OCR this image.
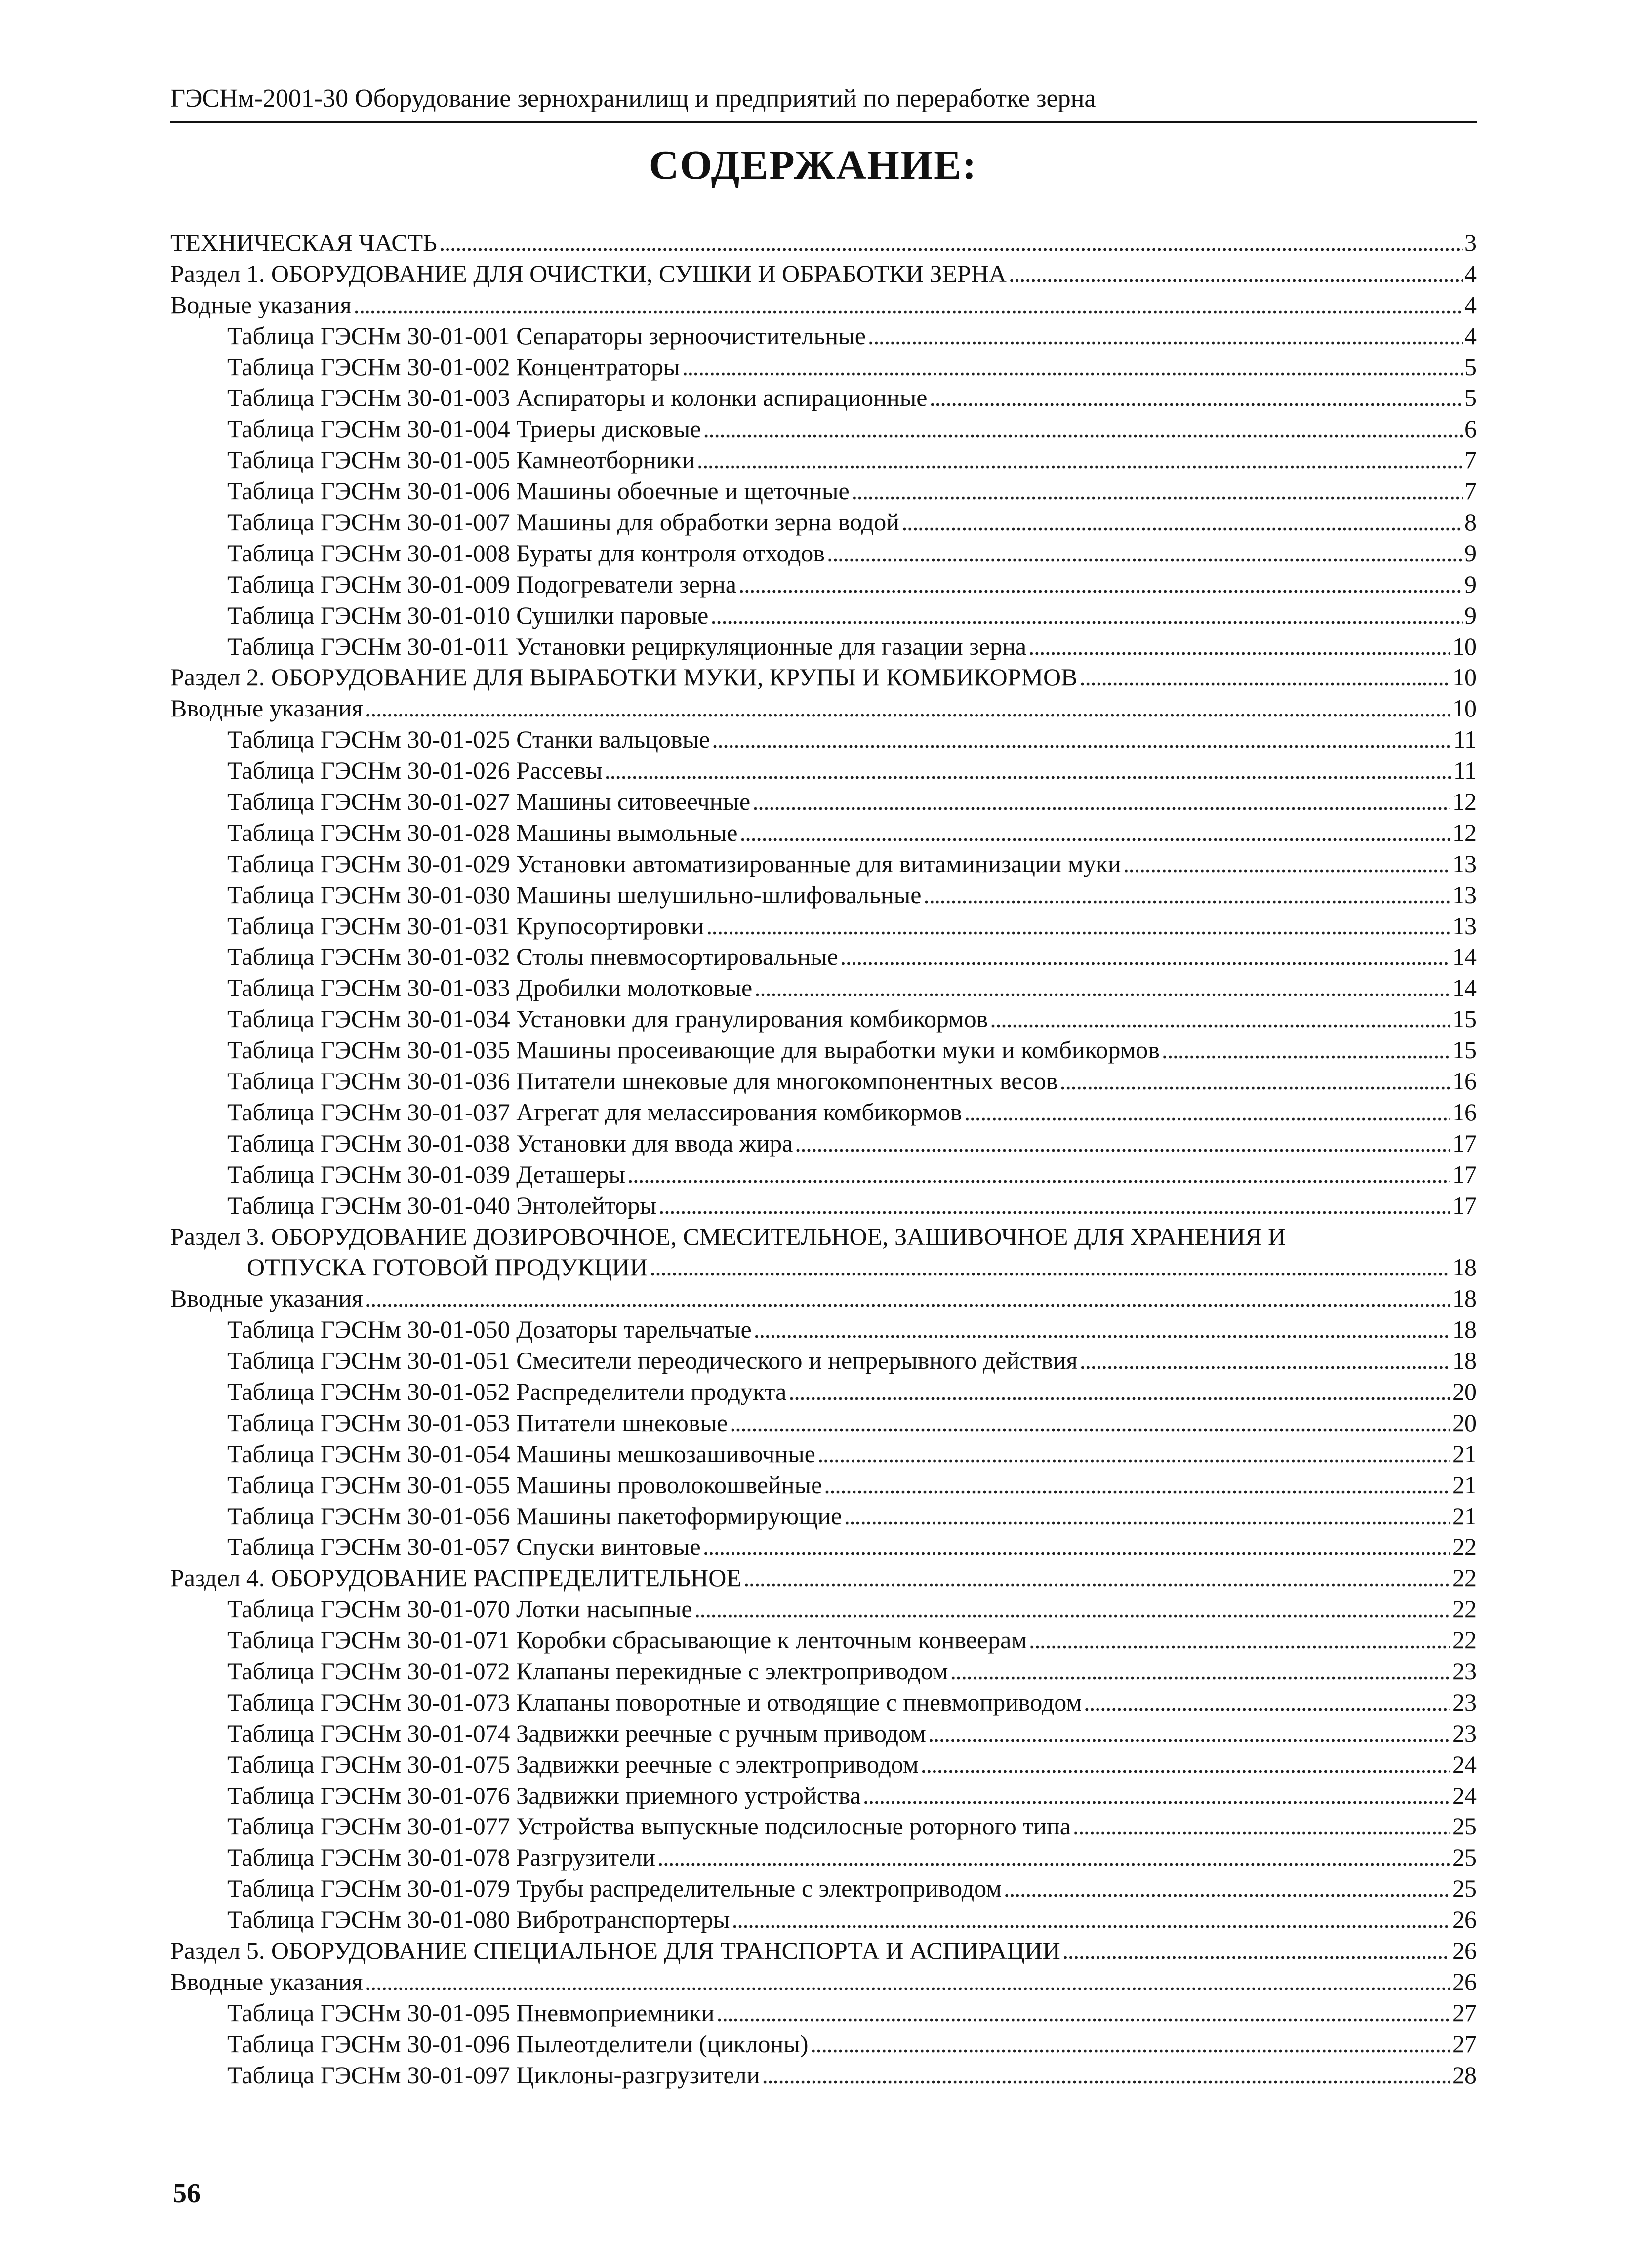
ГЭСНм-2001-30 Оборудование зернохранилищ и предприятий по переработке зерна
СОДЕРЖАНИЕ:
ТЕХНИЧЕСКАЯ ЧАСТЬ . . .	3
Раздел 1. ОБОРУДОВАНИЕ ДЛЯ ОЧИСТКИ, СУШКИ И ОБРАБОТКИ ЗЕРНА . . .	4
Водные указания . . .	4
Таблица ГЭСНм 30-01-001 Сепараторы зерноочистительные . . .	4
Таблица ГЭСНм 30-01-002 Концентраторы . . .	5
Таблица ГЭСНм 30-01-003 Аспираторы и колонки аспирационные . . .	5
Таблица ГЭСНм 30-01-004 Триеры дисковые . . .	6
Таблица ГЭСНм 30-01-005 Камнеотборники . . .	7
Таблица ГЭСНм 30-01-006 Машины обоечные и щеточные . . .	7
Таблица ГЭСНм 30-01-007 Машины для обработки зерна водой . . .	8
Таблица ГЭСНм 30-01-008 Бураты для контроля отходов . . .	9
Таблица ГЭСНм 30-01-009 Подогреватели зерна . . .	9
Таблица ГЭСНм 30-01-010 Сушилки паровые . . .	9
Таблица ГЭСНм 30-01-011 Установки рециркуляционные для газации зерна . . .	10
Раздел 2. ОБОРУДОВАНИЕ ДЛЯ ВЫРАБОТКИ МУКИ, КРУПЫ И КОМБИКОРМОВ . . .	10
Вводные указания . . .	10
Таблица ГЭСНм 30-01-025 Станки вальцовые . . .	11
Таблица ГЭСНм 30-01-026 Рассевы . . .	11
Таблица ГЭСНм 30-01-027 Машины ситовеечные . . .	12
Таблица ГЭСНм 30-01-028 Машины вымольные . . .	12
Таблица ГЭСНм 30-01-029 Установки автоматизированные для витаминизации муки . . .	13
Таблица ГЭСНм 30-01-030 Машины шелушильно-шлифовальные . . .	13
Таблица ГЭСНм 30-01-031 Крупосортировки . . .	13
Таблица ГЭСНм 30-01-032 Столы пневмосортировальные . . .	14
Таблица ГЭСНм 30-01-033 Дробилки молотковые . . .	14
Таблица ГЭСНм 30-01-034 Установки для гранулирования комбикормов . . .	15
Таблица ГЭСНм 30-01-035 Машины просеивающие для выработки муки и комбикормов . . .	15
Таблица ГЭСНм 30-01-036 Питатели шнековые для многокомпонентных весов . . .	16
Таблица ГЭСНм 30-01-037 Агрегат для мелассирования комбикормов . . .	16
Таблица ГЭСНм 30-01-038 Установки для ввода жира . . .	17
Таблица ГЭСНм 30-01-039 Деташеры . . .	17
Таблица ГЭСНм 30-01-040 Энтолейторы . . .	17
Раздел 3. ОБОРУДОВАНИЕ ДОЗИРОВОЧНОЕ, СМЕСИТЕЛЬНОЕ, ЗАШИВОЧНОЕ ДЛЯ ХРАНЕНИЯ И
ОТПУСКА ГОТОВОЙ ПРОДУКЦИИ . . .	18
Вводные указания . . .	18
Таблица ГЭСНм 30-01-050 Дозаторы тарельчатые . . .	18
Таблица ГЭСНм 30-01-051 Смесители переодического и непрерывного действия . . .	18
Таблица ГЭСНм 30-01-052 Распределители продукта . . .	20
Таблица ГЭСНм 30-01-053 Питатели шнековые . . .	20
Таблица ГЭСНм 30-01-054 Машины мешкозашивочные . . .	21
Таблица ГЭСНм 30-01-055 Машины проволокошвейные . . .	21
Таблица ГЭСНм 30-01-056 Машины пакетоформирующие . . .	21
Таблица ГЭСНм 30-01-057 Спуски винтовые . . .	22
Раздел 4. ОБОРУДОВАНИЕ РАСПРЕДЕЛИТЕЛЬНОЕ . . .	22
Таблица ГЭСНм 30-01-070 Лотки насыпные . . .	22
Таблица ГЭСНм 30-01-071 Коробки сбрасывающие к ленточным конвеерам . . .	22
Таблица ГЭСНм 30-01-072 Клапаны перекидные с электроприводом . . .	23
Таблица ГЭСНм 30-01-073 Клапаны поворотные и отводящие с пневмоприводом . . .	23
Таблица ГЭСНм 30-01-074 Задвижки реечные с ручным приводом . . .	23
Таблица ГЭСНм 30-01-075 Задвижки реечные с электроприводом . . .	24
Таблица ГЭСНм 30-01-076 Задвижки приемного устройства . . .	24
Таблица ГЭСНм 30-01-077 Устройства выпускные подсилосные роторного типа . . .	25
Таблица ГЭСНм 30-01-078 Разгрузители . . .	25
Таблица ГЭСНм 30-01-079 Трубы распределительные с электроприводом . . .	25
Таблица ГЭСНм 30-01-080 Вибротранспортеры . . .	26
Раздел 5. ОБОРУДОВАНИЕ СПЕЦИАЛЬНОЕ ДЛЯ ТРАНСПОРТА И АСПИРАЦИИ . . .	26
Вводные указания . . .	26
Таблица ГЭСНм 30-01-095 Пневмоприемники . . .	27
Таблица ГЭСНм 30-01-096 Пылеотделители (циклоны) . . .	27
Таблица ГЭСНм 30-01-097 Циклоны-разгрузители . . .	28
56
